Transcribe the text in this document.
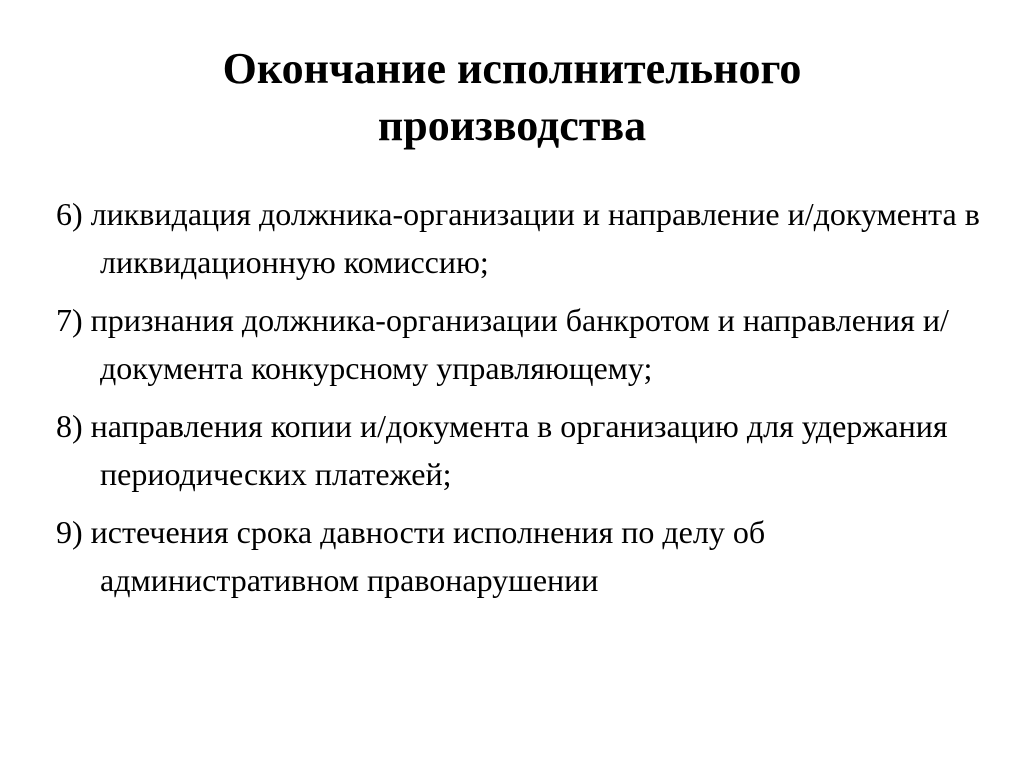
Окончание исполнительного
производства
6) ликвидация должника-организации и направление и/документа в ликвидационную комиссию;
7) признания должника-организации банкротом и направления и/документа конкурсному управляющему;
8) направления копии и/документа в организацию для удержания периодических платежей;
9) истечения срока давности исполнения по делу об административном правонарушении
